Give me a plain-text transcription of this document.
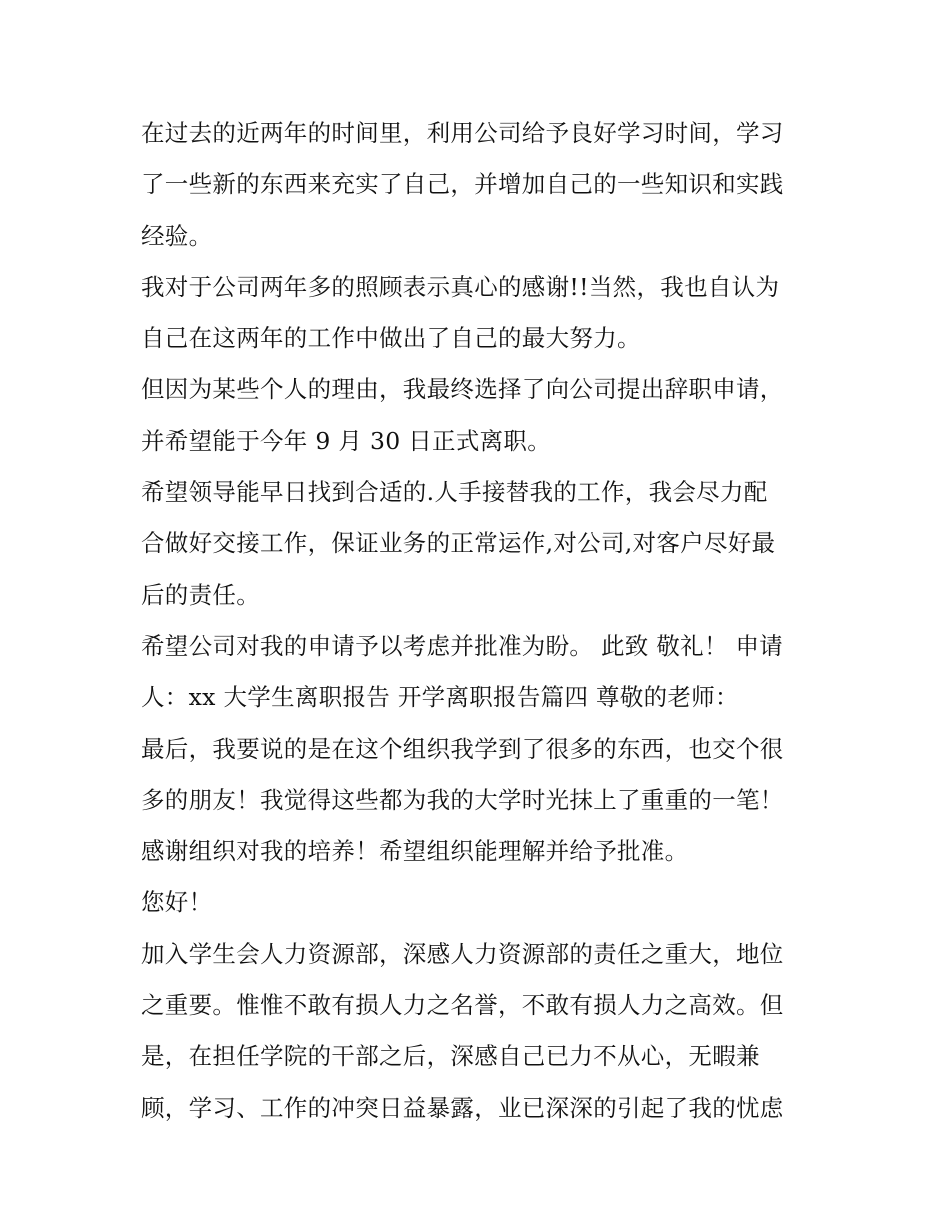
在过去的近两年的时间里，利用公司给予良好学习时间，学习
了一些新的东西来充实了自己，并增加自己的一些知识和实践
经验。
我对于公司两年多的照顾表示真心的感谢!!当然，我也自认为
自己在这两年的工作中做出了自己的最大努力。
但因为某些个人的理由，我最终选择了向公司提出辞职申请，
并希望能于今年 9 月 30 日正式离职。
希望领导能早日找到合适的.人手接替我的工作，我会尽力配
合做好交接工作，保证业务的正常运作,对公司,对客户尽好最
后的责任。
希望公司对我的申请予以考虑并批准为盼。 此致 敬礼！ 申请
人：xx 大学生离职报告 开学离职报告篇四 尊敬的老师：
最后，我要说的是在这个组织我学到了很多的东西，也交个很
多的朋友！我觉得这些都为我的大学时光抹上了重重的一笔！
感谢组织对我的培养！希望组织能理解并给予批准。
您好！
加入学生会人力资源部，深感人力资源部的责任之重大，地位
之重要。惟惟不敢有损人力之名誉，不敢有损人力之高效。但
是，在担任学院的干部之后，深感自己已力不从心，无暇兼
顾，学习、工作的冲突日益暴露，业已深深的引起了我的忧虑
